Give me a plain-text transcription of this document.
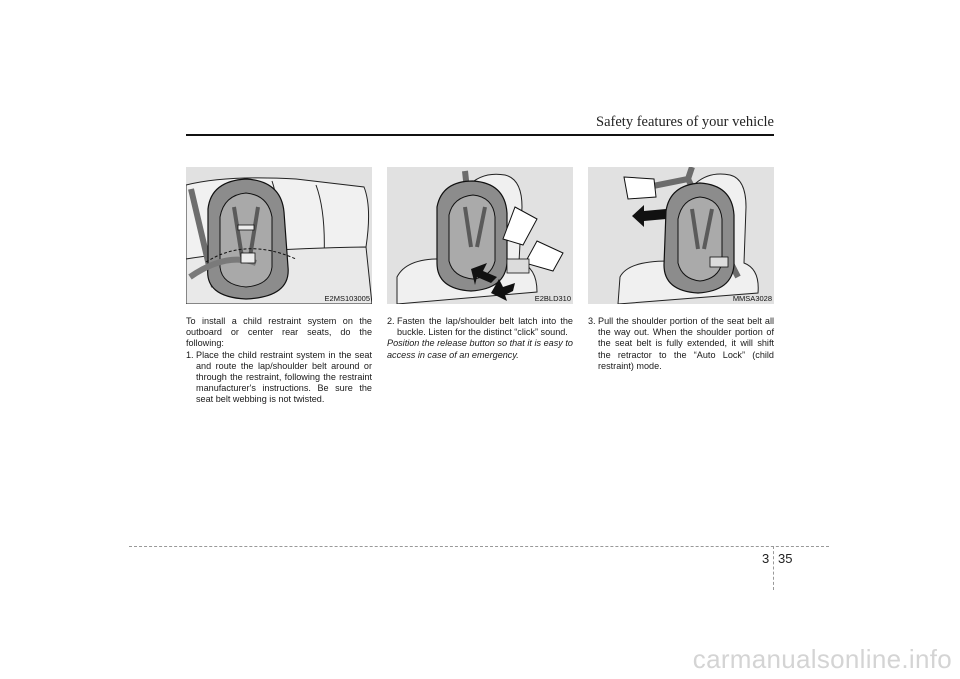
Safety features of your vehicle
E2MS103005

To install a child restraint system on the outboard or center rear seats, do the following:

1. Place the child restraint system in the seat and route the lap/shoulder belt around or through the restraint, following the restraint manufacturer's instructions. Be sure the seat belt webbing is not twisted.
E2BLD310
2. Fasten the lap/shoulder belt latch into the buckle. Listen for the distinct “click” sound.

Position the release button so that it is easy to access in case of an emergency.

MMSA3028
3. Pull the shoulder portion of the seat belt all the way out. When the shoulder portion of the seat belt is fully extended, it will shift the retractor to the “Auto Lock” (child restraint) mode.
3 35
carmanualsonline.info
